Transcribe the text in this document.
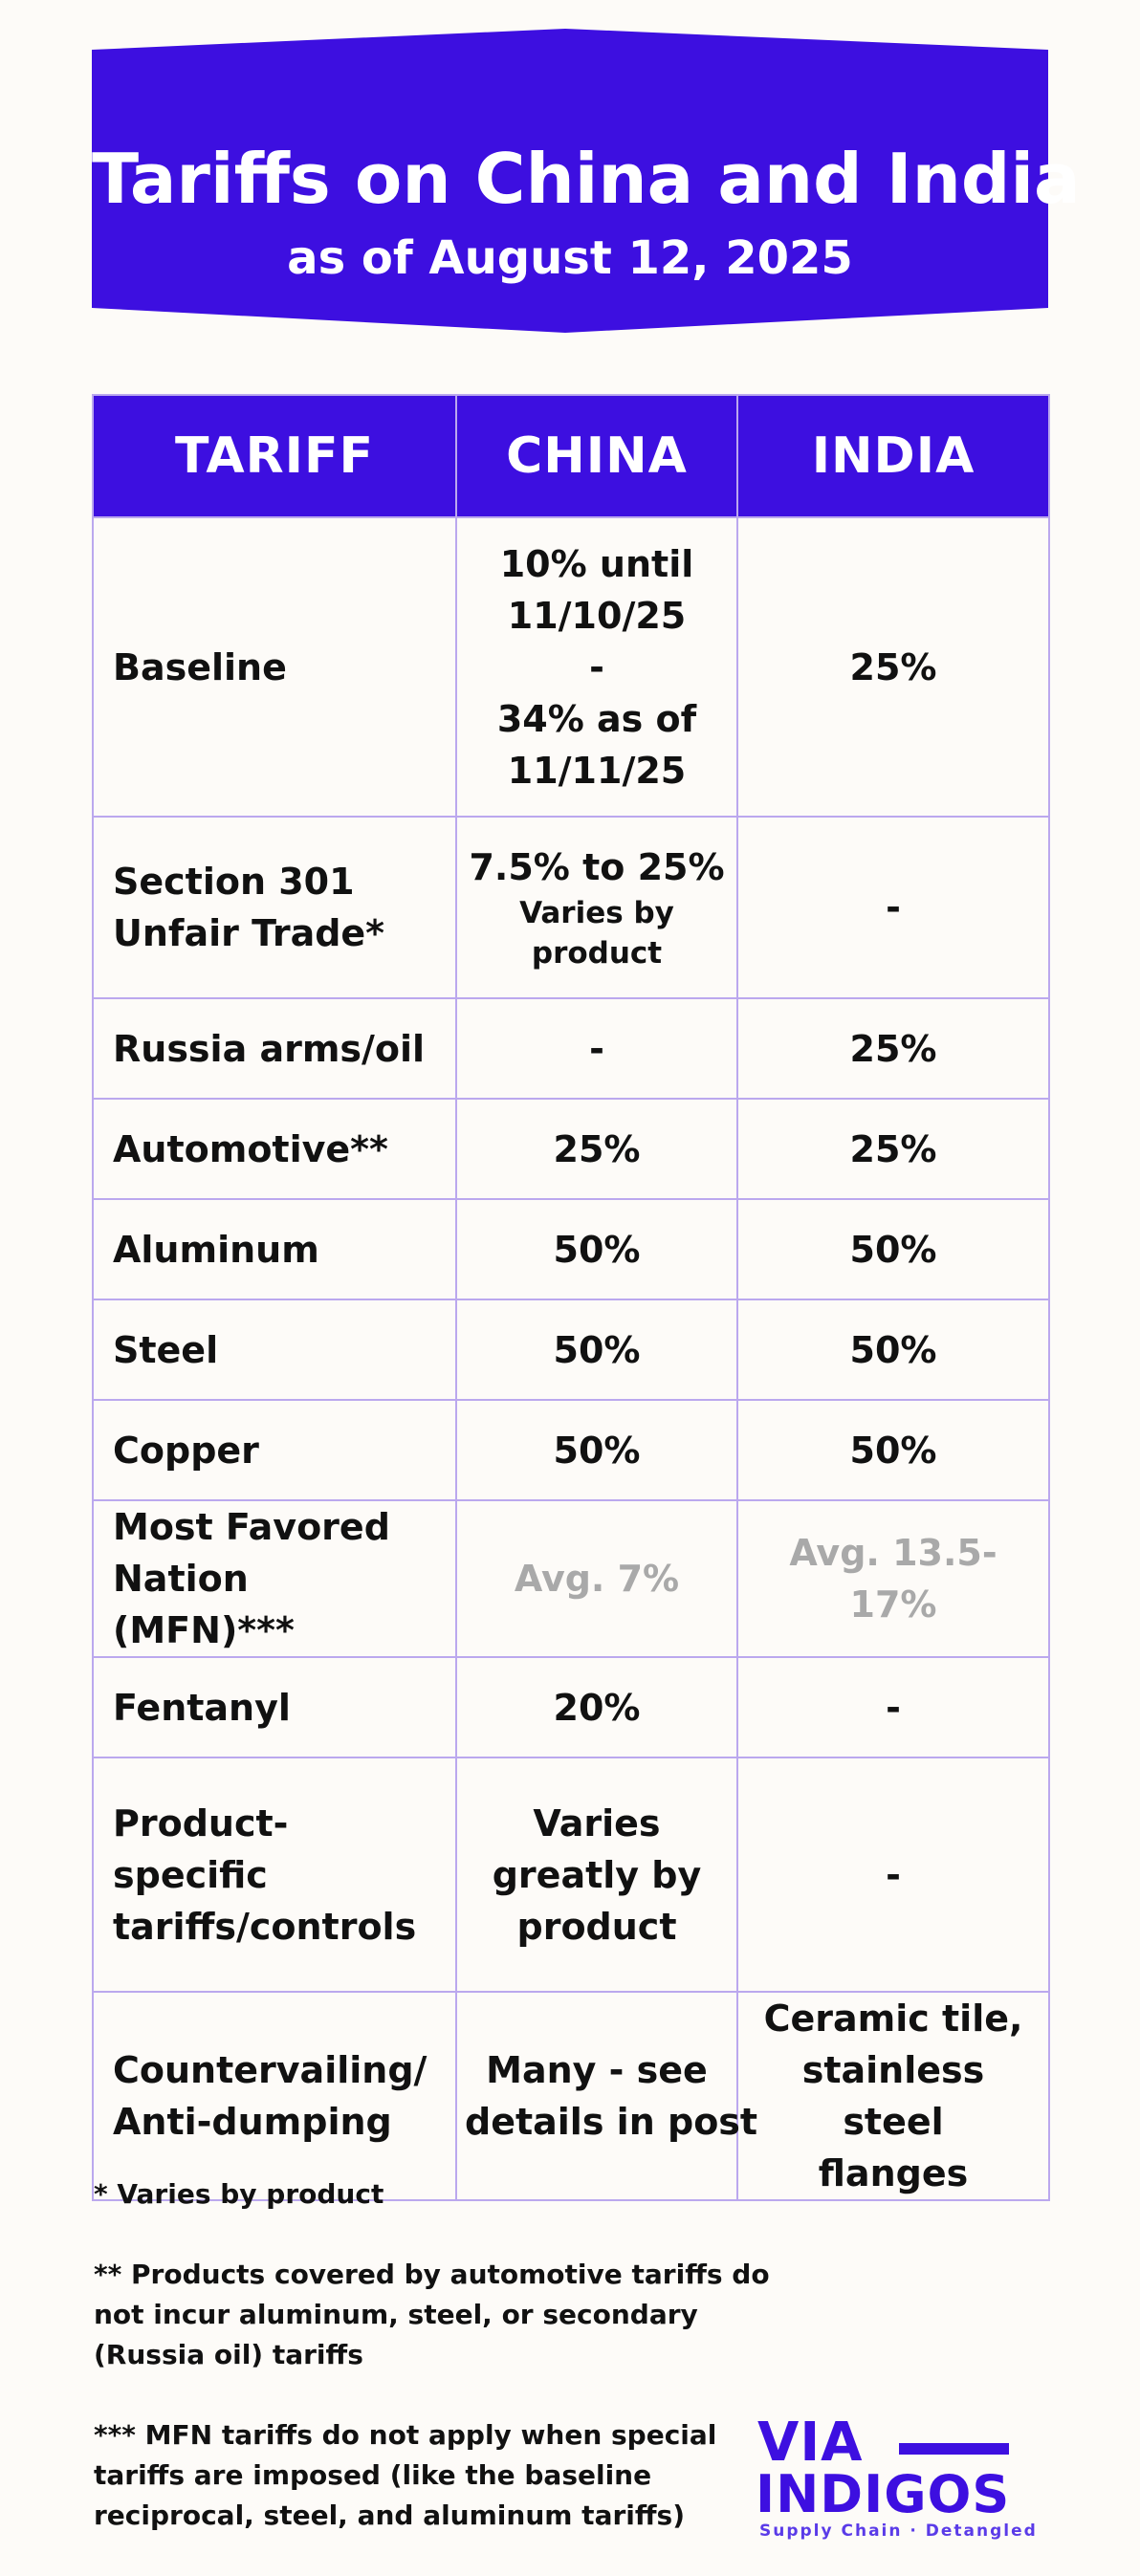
Tariffs on China and India
as of August 12, 2025
TARIFF	CHINA	INDIA
Baseline	10% until
11/10/25
-
34% as of
11/11/25	25%

Section 301
Unfair Trade*	7.5% to 25%
Varies by
product	-
Russia arms/oil	-	25%
Automotive**	25%	25%
Aluminum	50%	50%
Steel	50%	50%
Copper	50%	50%

Most Favored
Nation (MFN)***	Avg. 7%	Avg. 13.5-17%
Fentanyl	20%	-

Product-specific
tariffs/controls	Varies
greatly by
product	-

Countervailing/
Anti-dumping	Many - see
details in post	Ceramic tile,
stainless steel
flanges

* Varies by product

** Products covered by automotive tariffs do
not incur aluminum, steel, or secondary
(Russia oil) tariffs

*** MFN tariffs do not apply when special
tariffs are imposed (like the baseline
reciprocal, steel, and aluminum tariffs)

VIA
INDIGOS
Supply Chain · Detangled
